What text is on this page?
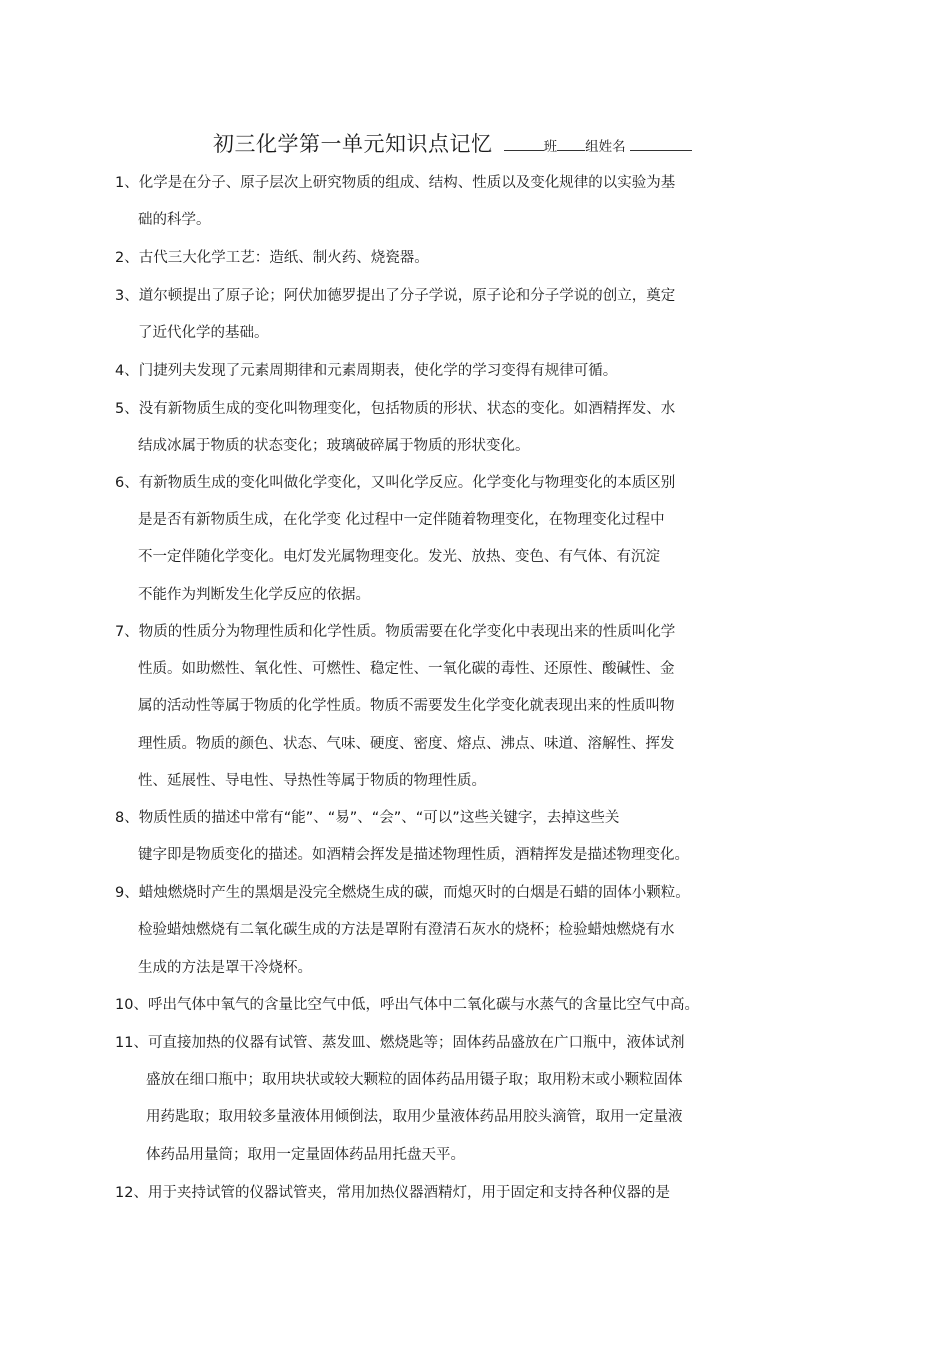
初三化学第一单元知识点记忆	班 组姓名
1、化学是在分子、原子层次上研究物质的组成、结构、性质以及变化规律的以实验为基
础的科学。
2、古代三大化学工艺：造纸、制火药、烧瓷器。
3、道尔顿提出了原子论；阿伏加德罗提出了分子学说，原子论和分子学说的创立，奠定
了近代化学的基础。
4、门捷列夫发现了元素周期律和元素周期表，使化学的学习变得有规律可循。
5、没有新物质生成的变化叫物理变化，包括物质的形状、状态的变化。如酒精挥发、水
结成冰属于物质的状态变化；玻璃破碎属于物质的形状变化。
6、有新物质生成的变化叫做化学变化，又叫化学反应。化学变化与物理变化的本质区别
是是否有新物质生成，在化学变 化过程中一定伴随着物理变化，在物理变化过程中
不一定伴随化学变化。电灯发光属物理变化。发光、放热、变色、有气体、有沉淀
不能作为判断发生化学反应的依据。
7、物质的性质分为物理性质和化学性质。物质需要在化学变化中表现出来的性质叫化学
性质。如助燃性、氧化性、可燃性、稳定性、一氧化碳的毒性、还原性、酸碱性、金
属的活动性等属于物质的化学性质。物质不需要发生化学变化就表现出来的性质叫物
理性质。物质的颜色、状态、气味、硬度、密度、熔点、沸点、味道、溶解性、挥发
性、延展性、导电性、导热性等属于物质的物理性质。
8、物质性质的描述中常有“能”、“易”、“会”、“可以”这些关键字，去掉这些关
键字即是物质变化的描述。如酒精会挥发是描述物理性质，酒精挥发是描述物理变化。
9、蜡烛燃烧时产生的黑烟是没完全燃烧生成的碳，而熄灭时的白烟是石蜡的固体小颗粒。
检验蜡烛燃烧有二氧化碳生成的方法是罩附有澄清石灰水的烧杯；检验蜡烛燃烧有水
生成的方法是罩干冷烧杯。
10、呼出气体中氧气的含量比空气中低，呼出气体中二氧化碳与水蒸气的含量比空气中高。
11、可直接加热的仪器有试管、蒸发皿、燃烧匙等；固体药品盛放在广口瓶中，液体试剂
盛放在细口瓶中；取用块状或较大颗粒的固体药品用镊子取；取用粉末或小颗粒固体
用药匙取；取用较多量液体用倾倒法，取用少量液体药品用胶头滴管，取用一定量液
体药品用量筒；取用一定量固体药品用托盘天平。
12、用于夹持试管的仪器试管夹，常用加热仪器酒精灯，用于固定和支持各种仪器的是
